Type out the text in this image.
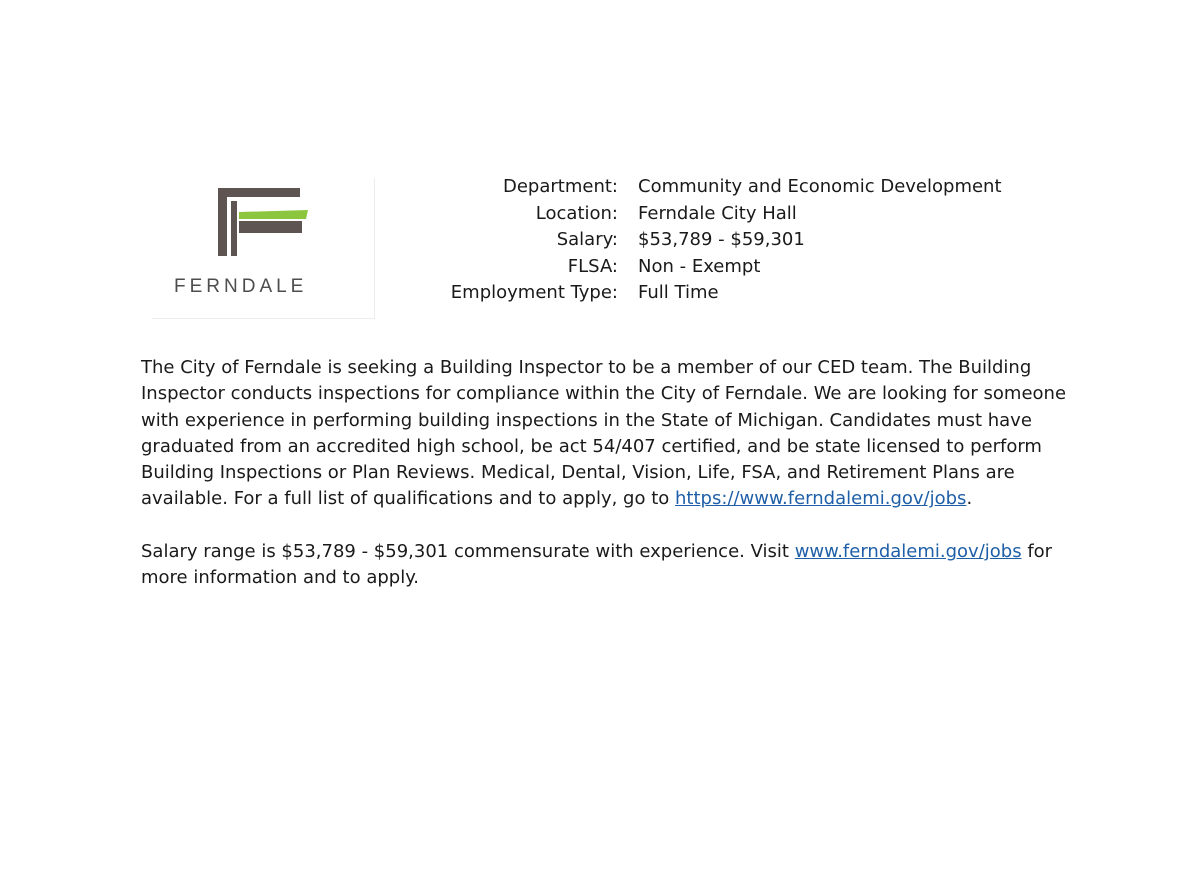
FERNDALE
Department: Community and Economic Development
Location: Ferndale City Hall
Salary: $53,789 - $59,301
FLSA: Non - Exempt
Employment Type: Full Time

The City of Ferndale is seeking a Building Inspector to be a member of our CED team. The Building
Inspector conducts inspections for compliance within the City of Ferndale. We are looking for someone
with experience in performing building inspections in the State of Michigan. Candidates must have
graduated from an accredited high school, be act 54/407 certified, and be state licensed to perform
Building Inspections or Plan Reviews. Medical, Dental, Vision, Life, FSA, and Retirement Plans are
available. For a full list of qualifications and to apply, go to https://www.ferndalemi.gov/jobs.

Salary range is $53,789 - $59,301 commensurate with experience. Visit www.ferndalemi.gov/jobs for
more information and to apply.
